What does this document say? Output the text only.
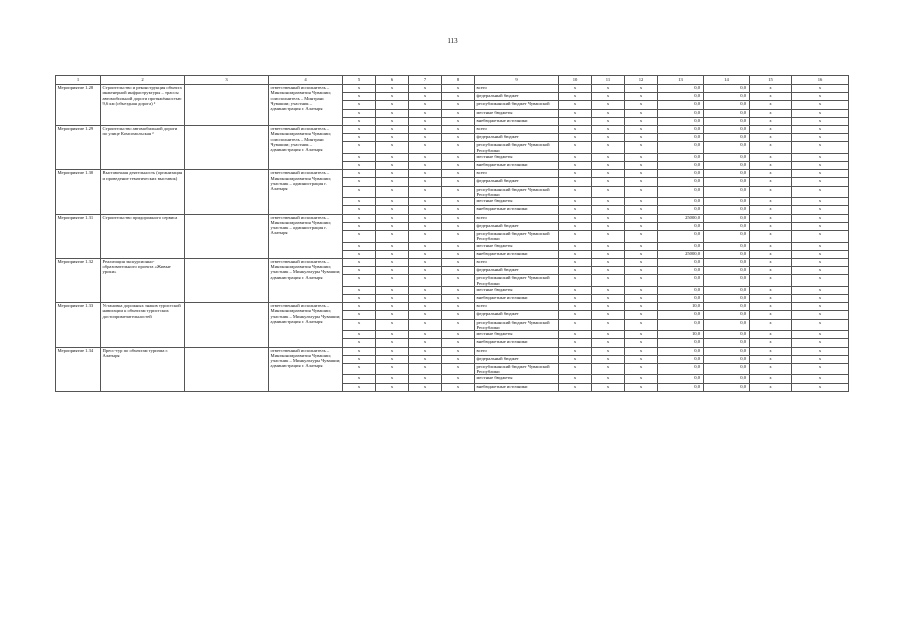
113
1	2	3	4	5	6	7	8	9	10	11	12	13	14	15	16
Мероприятие 1.28	Строительство и реконструкция объекта инженерной инфраструктуры – трассы автомобильной дороги протяжённостью 9,6 км (объездная дорога) ³		ответственный исполнитель – Минэкономразвития Чувашии; соисполнитель – Минтранс Чувашии; участник – администрация г. Алатыря	х	х	х	х	всего	х	х	х	0,0	0,0	х	х
				х	х	х	х	федеральный бюджет	х	х	х	0,0	0,0	х	х
				х	х	х	х	республиканский бюджет Чувашской	х	х	х	0,0	0,0	х	х
				х	х	х	х	местные бюджеты	х	х	х	0,0	0,0	х	х
				х	х	х	х	внебюджетные источники	х	х	х	0,0	0,0	х	х
Мероприятие 1.29	Строительство автомобильной дороги по улице Комсомольская ³		ответственный исполнитель – Минэкономразвития Чувашии; соисполнитель – Минтранс Чувашии; участник – администрация г. Алатыря	х	х	х	х	всего	х	х	х	0,0	0,0	х	х
				х	х	х	х	федеральный бюджет	х	х	х	0,0	0,0	х	х
				х	х	х	х	республиканский бюджет Чувашской Республики	х	х	х	0,0	0,0	х	х
				х	х	х	х	местные бюджеты	х	х	х	0,0	0,0	х	х
				х	х	х	х	внебюджетные источники	х	х	х	0,0	0,0	х	х
Мероприятие 1.30	Выставочная деятельность (организация и проведение тематических выставок)		ответственный исполнитель – Минэкономразвития Чувашии; участник – администрация г. Алатыря	х	х	х	х	всего	х	х	х	0,0	0,0	х	х
				х	х	х	х	федеральный бюджет	х	х	х	0,0	0,0	х	х
				х	х	х	х	республиканский бюджет Чувашской Республики	х	х	х	0,0	0,0	х	х
				х	х	х	х	местные бюджеты	х	х	х	0,0	0,0	х	х
				х	х	х	х	внебюджетные источники	х	х	х	0,0	0,0	х	х
Мероприятие 1.31	Строительство придорожного сервиса		ответственный исполнитель – Минэкономразвития Чувашии; участник – администрация г. Алатыря	х	х	х	х	всего	х	х	х	25000,0	0,0	х	х
				х	х	х	х	федеральный бюджет	х	х	х	0,0	0,0	х	х
				х	х	х	х	республиканский бюджет Чувашской Республики	х	х	х	0,0	0,0	х	х
				х	х	х	х	местные бюджеты	х	х	х	0,0	0,0	х	х
				х	х	х	х	внебюджетные источники	х	х	х	25000,0	0,0	х	х
Мероприятие 1.32	Реализация экскурсионно-образовательного проекта «Живые уроки»		ответственный исполнитель – Минэкономразвития Чувашии; участник – Минкультуры Чувашии; администрация г. Алатыря	х	х	х	х	всего	х	х	х	0,0	0,0	х	х
				х	х	х	х	федеральный бюджет	х	х	х	0,0	0,0	х	х
				х	х	х	х	республиканский бюджет Чувашской Республики	х	х	х	0,0	0,0	х	х
				х	х	х	х	местные бюджеты	х	х	х	0,0	0,0	х	х
				х	х	х	х	внебюджетные источники	х	х	х	0,0	0,0	х	х
Мероприятие 1.33	Установка дорожных знаков туристской навигации к объектам туристских достопримечательностей		ответственный исполнитель – Минэкономразвития Чувашии; участник – Минкультуры Чувашии; администрация г. Алатыря	х	х	х	х	всего	х	х	х	10,0	0,0	х	х
				х	х	х	х	федеральный бюджет	х	х	х	0,0	0,0	х	х
				х	х	х	х	республиканский бюджет Чувашской Республики	х	х	х	0,0	0,0	х	х
				х	х	х	х	местные бюджеты	х	х	х	10,0	0,0	х	х
				х	х	х	х	внебюджетные источники	х	х	х	0,0	0,0	х	х
Мероприятие 1.34	Пресс-тур по объектам туризма г. Алатыря		ответственный исполнитель – Минэкономразвития Чувашии; участник – Минкультуры Чувашии; администрация г. Алатыря	х	х	х	х	всего	х	х	х	0,0	0,0	х	х
				х	х	х	х	федеральный бюджет	х	х	х	0,0	0,0	х	х
				х	х	х	х	республиканский бюджет Чувашской Республики	х	х	х	0,0	0,0	х	х
				х	х	х	х	местные бюджеты	х	х	х	0,0	0,0	х	х
				х	х	х	х	внебюджетные источники	х	х	х	0,0	0,0	х	х
